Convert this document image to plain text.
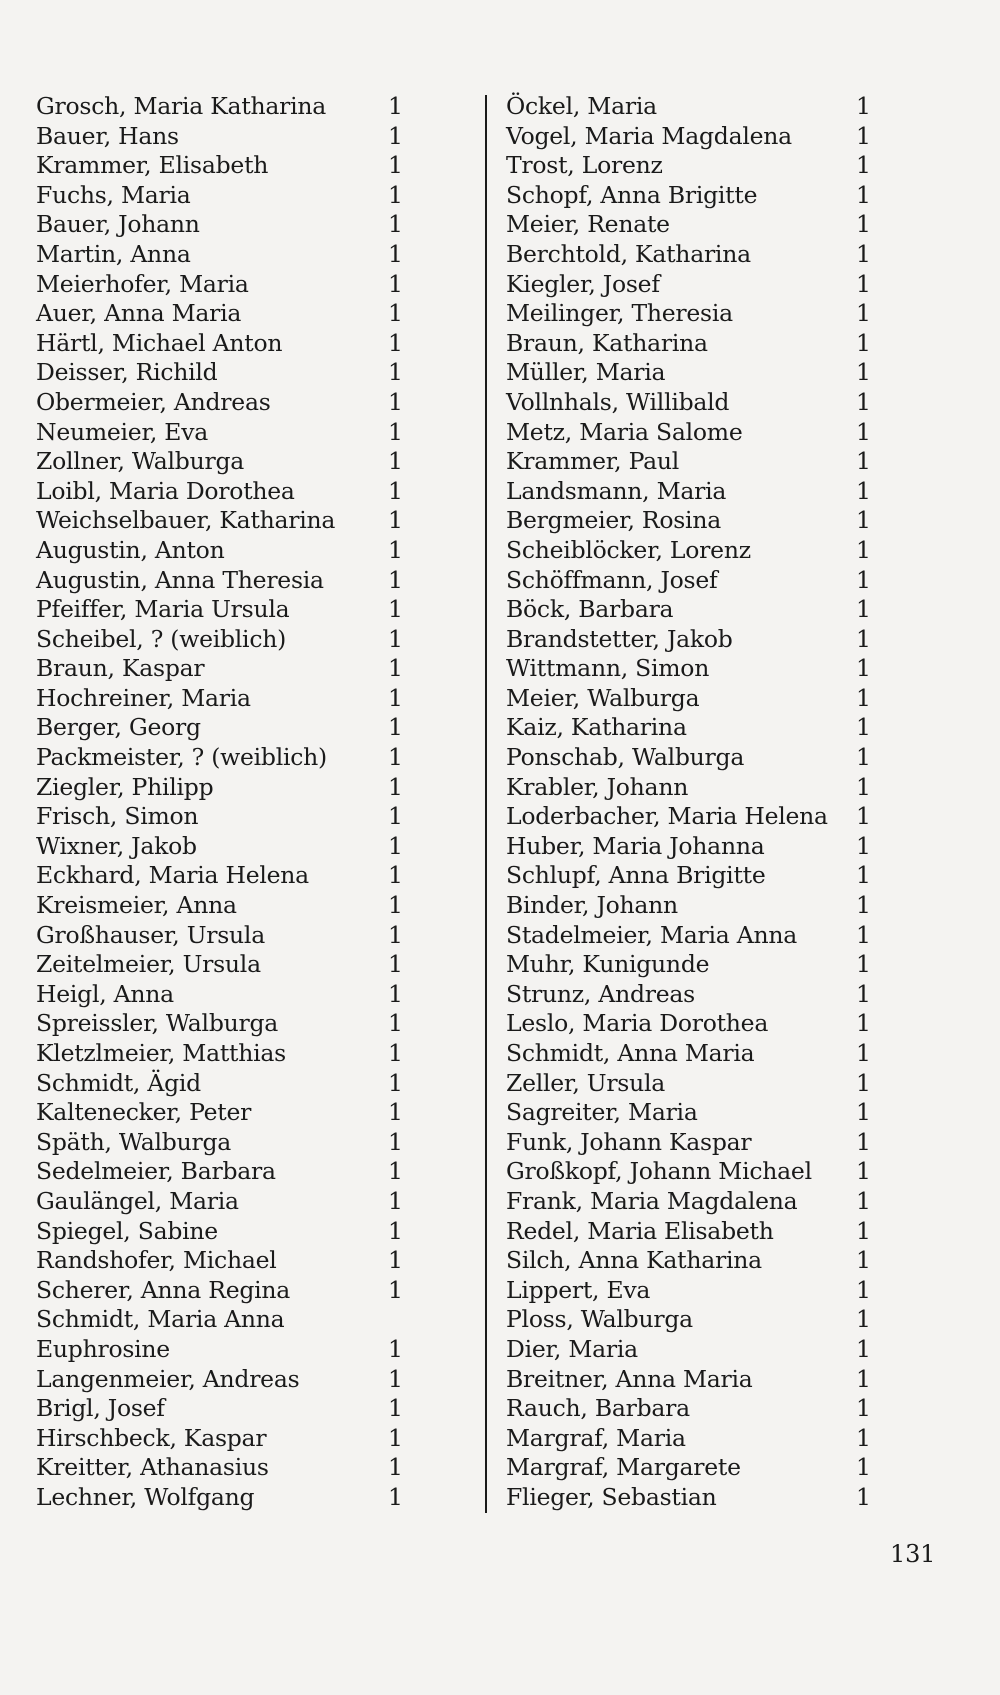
Grosch, Maria Katharina	1
Bauer, Hans	1
Krammer, Elisabeth	1
Fuchs, Maria	1
Bauer, Johann	1
Martin, Anna	1
Meierhofer, Maria	1
Auer, Anna Maria	1
Härtl, Michael Anton	1
Deisser, Richild	1
Obermeier, Andreas	1
Neumeier, Eva	1
Zollner, Walburga	1
Loibl, Maria Dorothea	1
Weichselbauer, Katharina 1
Augustin, Anton	1
Augustin, Anna Theresia	1
Pfeiffer, Maria Ursula	1
Scheibel, ? (weiblich)	1
Braun, Kaspar	1
Hochreiner, Maria	1
Berger, Georg	1
Packmeister, ? (weiblich)	1
Ziegler, Philipp	1
Frisch, Simon	1
Wixner, Jakob	1
Eckhard, Maria Helena	1
Kreismeier, Anna	1
Großhauser, Ursula	1
Zeitelmeier, Ursula	1
Heigl, Anna	1
Spreissler, Walburga	1
Kletzlmeier, Matthias	1
Schmidt, Ägid	1
Kaltenecker, Peter	1
Späth, Walburga	1
Sedelmeier, Barbara	1
Gaulängel, Maria	1
Spiegel, Sabine	1
Randshofer, Michael	1
Scherer, Anna Regina	1
Schmidt, Maria Anna
Euphrosine	1
Langenmeier, Andreas	1
Brigl, Josef	1
Hirschbeck, Kaspar	1
Kreitter, Athanasius	1
Lechner, Wolfgang	1
Öckel, Maria	1
Vogel, Maria Magdalena	1
Trost, Lorenz	1
Schopf, Anna Brigitte	1
Meier, Renate	1
Berchtold, Katharina	1
Kiegler, Josef	1
Meilinger, Theresia	1
Braun, Katharina	1
Müller, Maria	1
Vollnhals, Willibald	1
Metz, Maria Salome	1
Krammer, Paul	1
Landsmann, Maria	1
Bergmeier, Rosina	1
Scheiblöcker, Lorenz	1
Schöffmann, Josef	1
Böck, Barbara	1
Brandstetter, Jakob	1
Wittmann, Simon	1
Meier, Walburga	1
Kaiz, Katharina	1
Ponschab, Walburga	1
Krabler, Johann	1
Loderbacher, Maria Helena 1
Huber, Maria Johanna	1
Schlupf, Anna Brigitte	1
Binder, Johann	1
Stadelmeier, Maria Anna	1
Muhr, Kunigunde	1
Strunz, Andreas	1
Leslo, Maria Dorothea	1
Schmidt, Anna Maria	1
Zeller, Ursula	1
Sagreiter, Maria	1
Funk, Johann Kaspar	1
Großkopf, Johann Michael 1
Frank, Maria Magdalena 1
Redel, Maria Elisabeth	1
Silch, Anna Katharina	1
Lippert, Eva	1
Ploss, Walburga	1
Dier, Maria	1
Breitner, Anna Maria	1
Rauch, Barbara	1
Margraf, Maria	1
Margraf, Margarete	1
Flieger, Sebastian	1
131
